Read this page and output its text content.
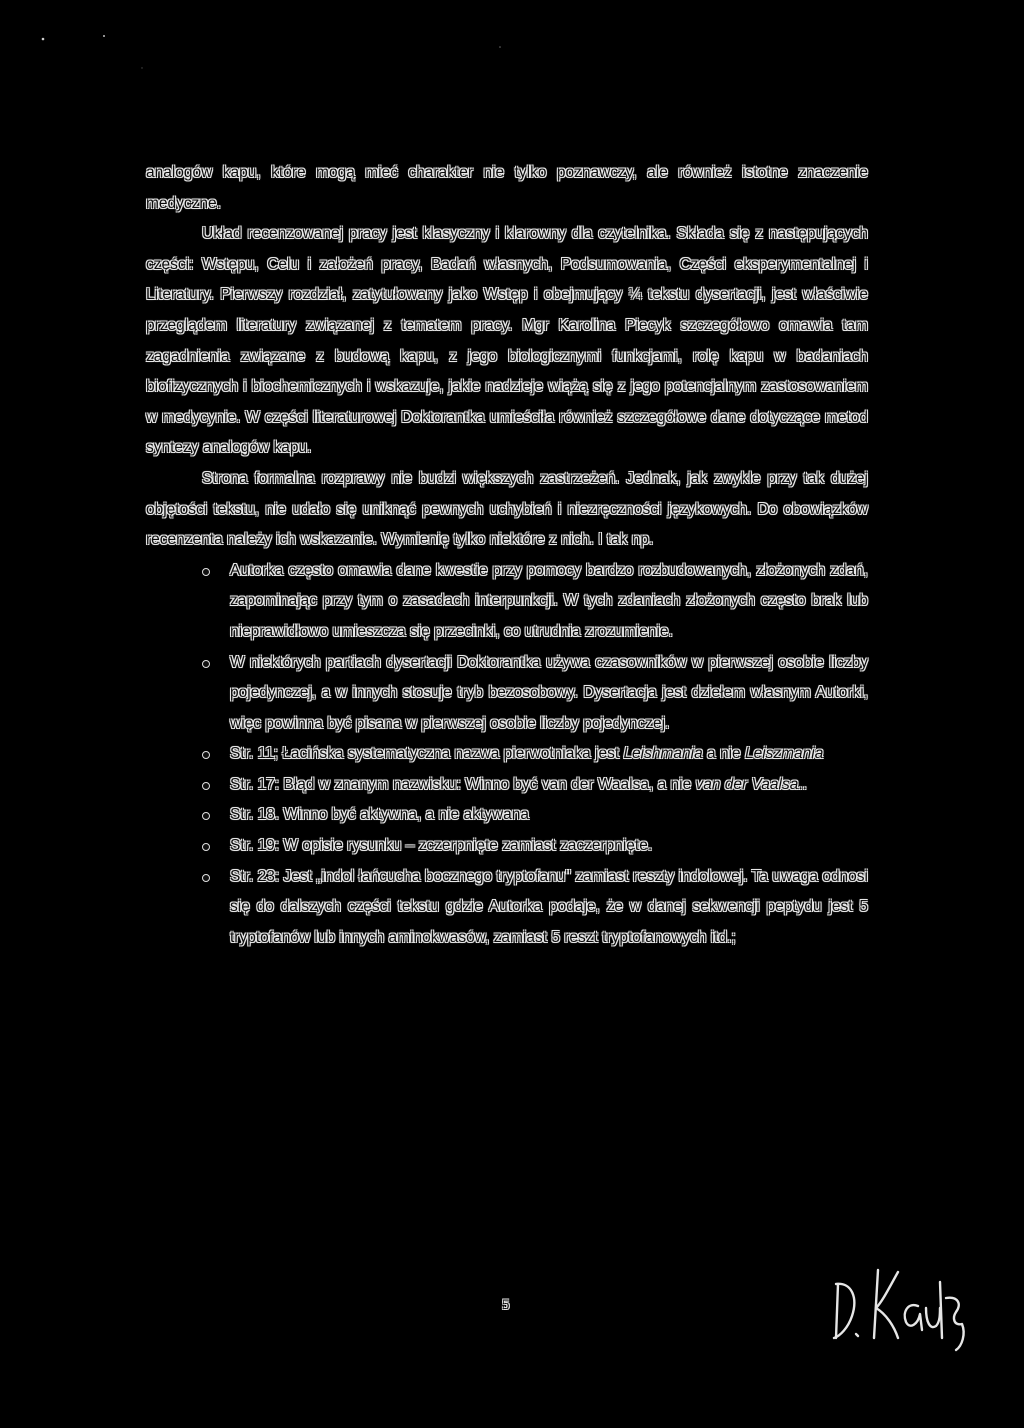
analogów kapu, które mogą mieć charakter nie tylko poznawczy, ale również istotne znaczenie medyczne.

Układ recenzowanej pracy jest klasyczny i klarowny dla czytelnika. Składa się z następujących części: Wstępu, Celu i założeń pracy, Badań własnych, Podsumowania, Części eksperymentalnej i Literatury. Pierwszy rozdział, zatytułowany jako Wstęp i obejmujący ¼ tekstu dysertacji, jest właściwie przeglądem literatury związanej z tematem pracy. Mgr Karolina Piecyk szczegółowo omawia tam zagadnienia związane z budową kapu, z jego biologicznymi funkcjami, rolę kapu w badaniach biofizycznych i biochemicznych i wskazuje, jakie nadzieje wiążą się z jego potencjalnym zastosowaniem w medycynie. W części literaturowej Doktorantka umieściła również szczegółowe dane dotyczące metod syntezy analogów kapu.

Strona formalna rozprawy nie budzi większych zastrzeżeń. Jednak, jak zwykle przy tak dużej objętości tekstu, nie udało się uniknąć pewnych uchybień i niezręczności językowych. Do obowiązków recenzenta należy ich wskazanie. Wymienię tylko niektóre z nich. I tak np.

Autorka często omawia dane kwestie przy pomocy bardzo rozbudowanych, złożonych zdań, zapominając przy tym o zasadach interpunkcji. W tych zdaniach złożonych często brak lub nieprawidłowo umieszcza się przecinki, co utrudnia zrozumienie.
W niektórych partiach dysertacji Doktorantka używa czasowników w pierwszej osobie liczby pojedynczej, a w innych stosuje tryb bezosobowy. Dysertacja jest dziełem własnym Autorki, więc powinna być pisana w pierwszej osobie liczby pojedynczej.
Str. 11; Łacińska systematyczna nazwa pierwotniaka jest Leishmania a nie Leiszmania
Str. 17: Błąd w znanym nazwisku: Winno być van der Waalsa, a nie van der Vaalsa..
Str. 18. Winno być aktywna, a nie aktywana
Str. 19: W opisie rysunku – zczerpnięte zamiast zaczerpnięte.
Str. 23: Jest „indol łańcucha bocznego tryptofanu" zamiast reszty indolowej. Ta uwaga odnosi się do dalszych części tekstu gdzie Autorka podaje, że w danej sekwencji peptydu jest 5 tryptofanów lub innych aminokwasów, zamiast 5 reszt tryptofanowych itd.;
5
